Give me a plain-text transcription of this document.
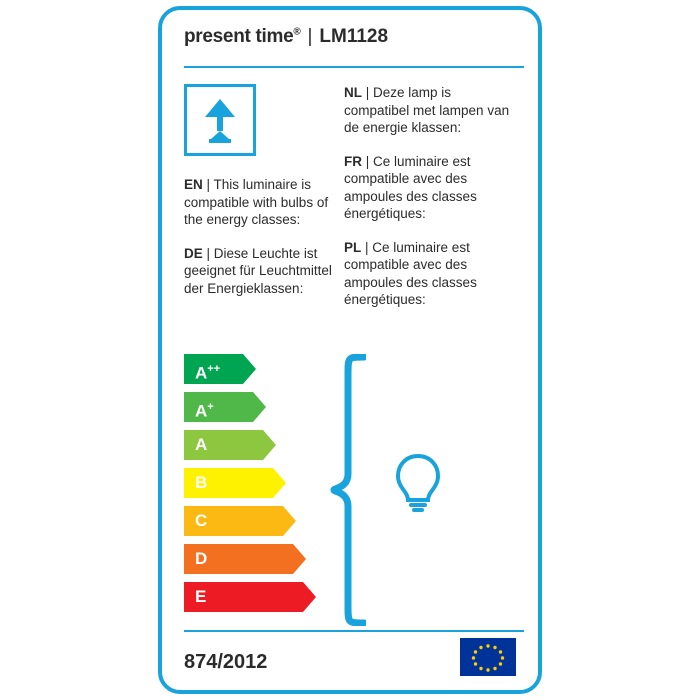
present time® | LM1128
EN | This luminaire is compatible with bulbs of the energy classes:
DE | Diese Leuchte ist geeignet für Leuchtmittel der Energieklassen:
NL | Deze lamp is compatibel met lampen van de energie klassen:
FR | Ce luminaire est compatible avec des ampoules des classes énergétiques:
PL | Ce luminaire est compatible avec des ampoules des classes énergétiques:
A++
A+
A
B
C
D
E
874/2012
